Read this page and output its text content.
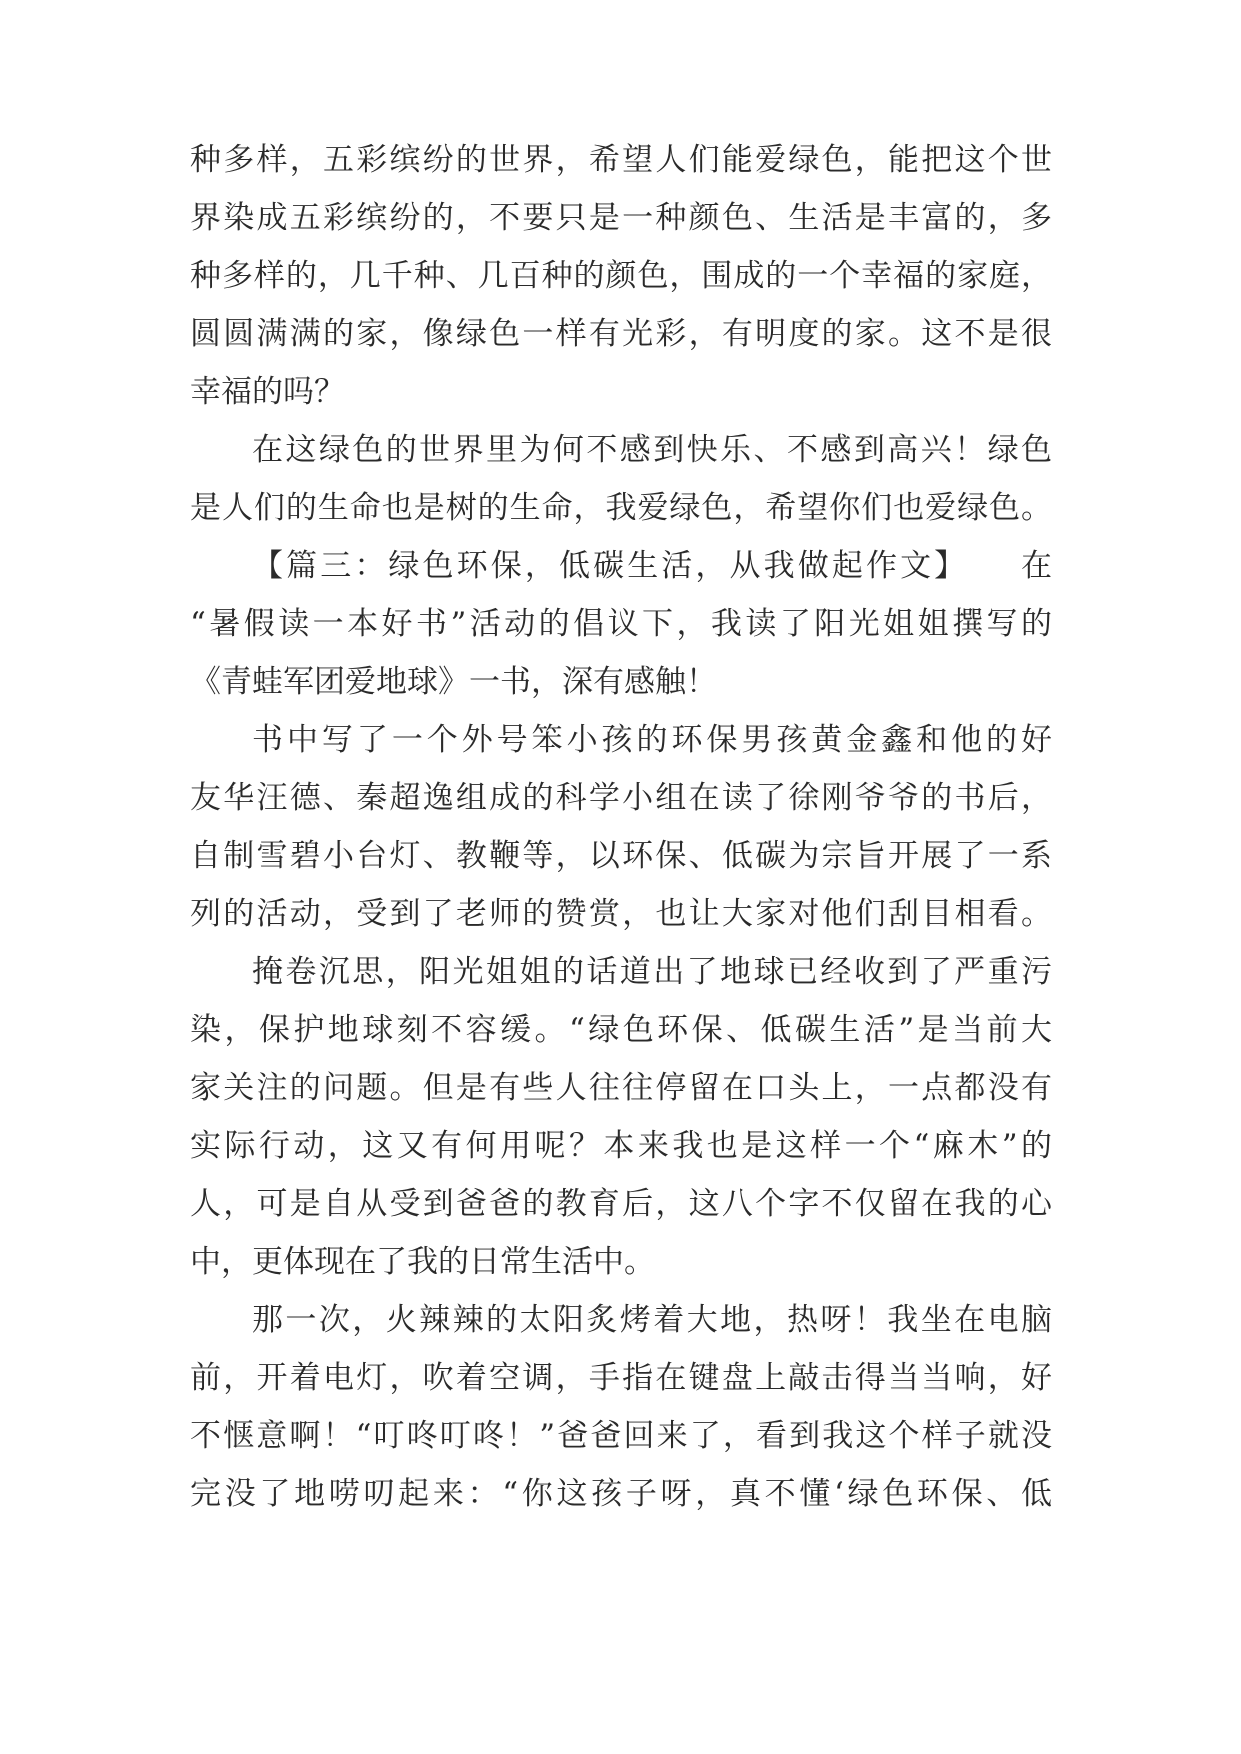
种多样，五彩缤纷的世界，希望人们能爱绿色，能把这个世
界染成五彩缤纷的，不要只是一种颜色、生活是丰富的，多
种多样的，几千种、几百种的颜色，围成的一个幸福的家庭，
圆圆满满的家，像绿色一样有光彩，有明度的家。这不是很
幸福的吗？
在这绿色的世界里为何不感到快乐、不感到高兴！绿色
是人们的生命也是树的生命，我爱绿色，希望你们也爱绿色。
【篇三：绿色环保，低碳生活，从我做起作文】　　在
“暑假读一本好书”活动的倡议下，我读了阳光姐姐撰写的
《青蛙军团爱地球》一书，深有感触！
书中写了一个外号笨小孩的环保男孩黄金鑫和他的好
友华汪德、秦超逸组成的科学小组在读了徐刚爷爷的书后，
自制雪碧小台灯、教鞭等，以环保、低碳为宗旨开展了一系
列的活动，受到了老师的赞赏，也让大家对他们刮目相看。
掩卷沉思，阳光姐姐的话道出了地球已经收到了严重污
染，保护地球刻不容缓。“绿色环保、低碳生活”是当前大
家关注的问题。但是有些人往往停留在口头上，一点都没有
实际行动，这又有何用呢？本来我也是这样一个“麻木”的
人，可是自从受到爸爸的教育后，这八个字不仅留在我的心
中，更体现在了我的日常生活中。
那一次，火辣辣的太阳炙烤着大地，热呀！我坐在电脑
前，开着电灯，吹着空调，手指在键盘上敲击得当当响，好
不惬意啊！“叮咚叮咚！”爸爸回来了，看到我这个样子就没
完没了地唠叨起来：“你这孩子呀，真不懂‘绿色环保、低
